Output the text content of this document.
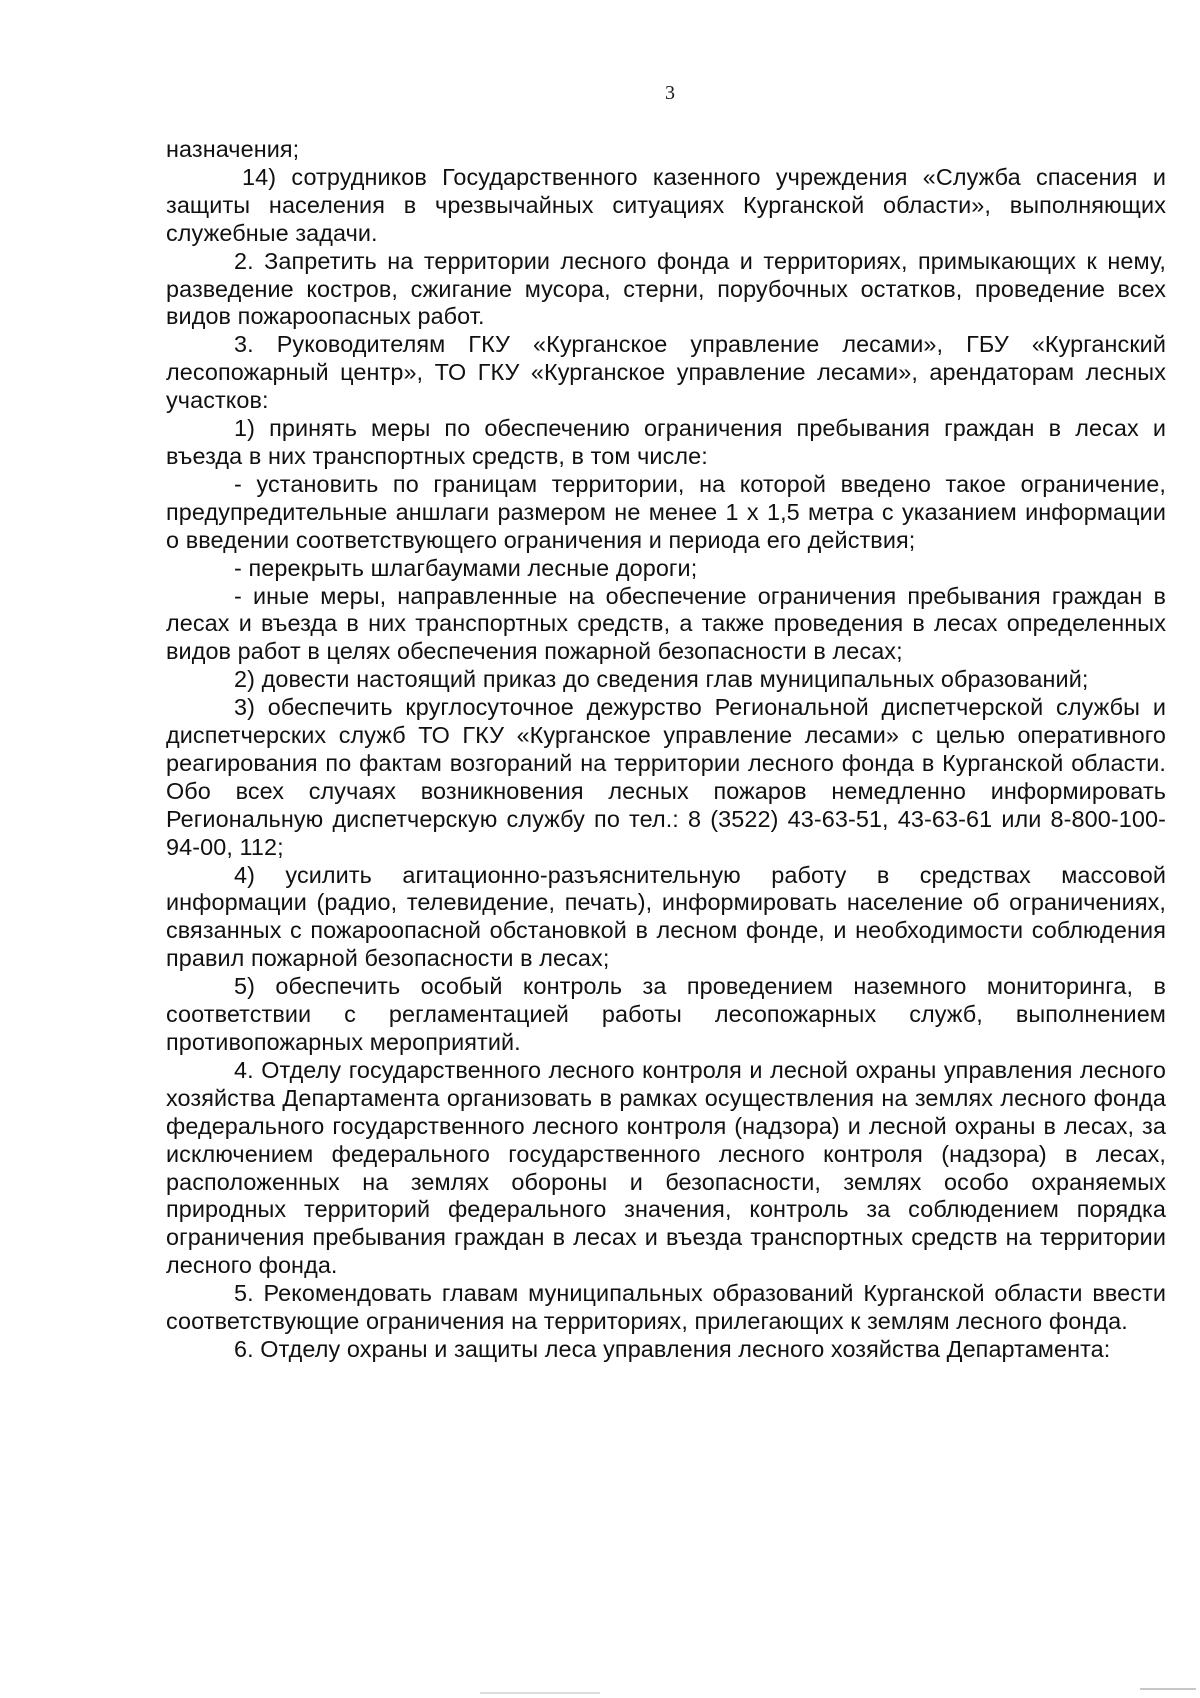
3

назначения;

14) сотрудников Государственного казенного учреждения «Служба спасения и защиты населения в чрезвычайных ситуациях Курганской области», выполняющих служебные задачи.

2. Запретить на территории лесного фонда и территориях, примыкающих к нему, разведение костров, сжигание мусора, стерни, порубочных остатков, проведение всех видов пожароопасных работ.

3. Руководителям ГКУ «Курганское управление лесами», ГБУ «Курганский лесопожарный центр», ТО ГКУ «Курганское управление лесами», арендаторам лесных участков:

1) принять меры по обеспечению ограничения пребывания граждан в лесах и въезда в них транспортных средств, в том числе:

- установить по границам территории, на которой введено такое ограничение, предупредительные аншлаги размером не менее 1 х 1,5 метра с указанием информации о введении соответствующего ограничения и периода его действия;

- перекрыть шлагбаумами лесные дороги;

- иные меры, направленные на обеспечение ограничения пребывания граждан в лесах и въезда в них транспортных средств, а также проведения в лесах определенных видов работ в целях обеспечения пожарной безопасности в лесах;

2) довести настоящий приказ до сведения глав муниципальных образований;

3) обеспечить круглосуточное дежурство Региональной диспетчерской службы и диспетчерских служб ТО ГКУ «Курганское управление лесами» с целью оперативного реагирования по фактам возгораний на территории лесного фонда в Курганской области. Обо всех случаях возникновения лесных пожаров немедленно информировать Региональную диспетчерскую службу по тел.: 8 (3522) 43-63-51, 43-63-61 или 8-800-100-94-00, 112;

4) усилить агитационно-разъяснительную работу в средствах массовой информации (радио, телевидение, печать), информировать население об ограничениях, связанных с пожароопасной обстановкой в лесном фонде, и необходимости соблюдения правил пожарной безопасности в лесах;

5) обеспечить особый контроль за проведением наземного мониторинга, в соответствии с регламентацией работы лесопожарных служб, выполнением противопожарных мероприятий.

4. Отделу государственного лесного контроля и лесной охраны управления лесного хозяйства Департамента организовать в рамках осуществления на землях лесного фонда федерального государственного лесного контроля (надзора) и лесной охраны в лесах, за исключением федерального государственного лесного контроля (надзора) в лесах, расположенных на землях обороны и безопасности, землях особо охраняемых природных территорий федерального значения, контроль за соблюдением порядка ограничения пребывания граждан в лесах и въезда транспортных средств на территории лесного фонда.

5. Рекомендовать главам муниципальных образований Курганской области ввести соответствующие ограничения на территориях, прилегающих к землям лесного фонда.

6. Отделу охраны и защиты леса управления лесного хозяйства Департамента:
